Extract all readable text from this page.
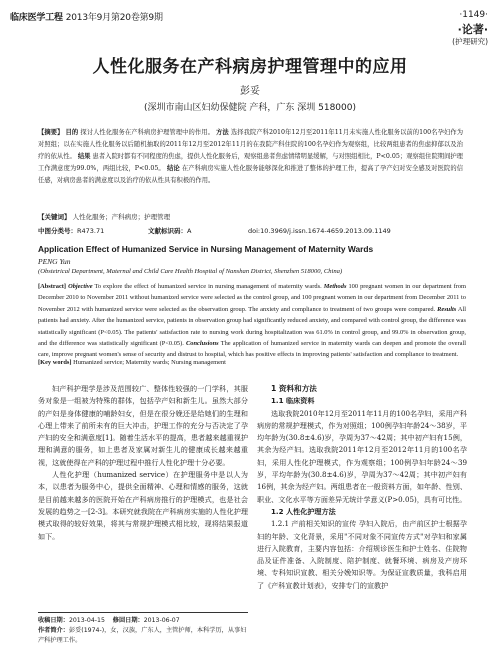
临床医学工程 2013年9月第20卷第9期	·1149·
·论著·
(护理研究)
人性化服务在产科病房护理管理中的应用
彭妥
(深圳市南山区妇幼保健院 产科，广东 深圳 518000)
【摘要】 目的 探讨人性化服务在产科病房护理管理中的作用。 方法 选择我院产科2010年12月至2011年11月未实施人性化服务以前的100名孕妇作为对照组；以在实施人性化服务以后随机抽取的2011年12月至2012年11月的在我院产科住院的100名孕妇作为观察组，比较两组患者的焦虑抑郁以及治疗的依从性。 结果 患者入院时都有不同程度的焦虑，提供人性化服务后，观察组患者焦虑情绪明显缓解，与对照组相比，P<0.05；观察组住院期间护理工作满意度为99.0%，两组比较，P<0.05。 结论 在产科病房实施人性化服务能够深化和推进了整体的护理工作，提高了孕产妇对安全感及对医院的信任感，对病房患者的满意度以及治疗的依从性具有积极的作用。
【关键词】 人性化服务；产科病房；护理管理
中图分类号：R473.71	文献标识码：A	doi:10.3969/j.issn.1674-4659.2013.09.1149
Application Effect of Humanized Service in Nursing Management of Maternity Wards
PENG Yun
(Obstetrical Department, Maternal and Child Care Health Hospital of Nanshan District, Shenzhen 518000, China)
[Abstract] Objective To explore the effect of humanized service in nursing management of maternity wards. Methods 100 pregnant women in our department from December 2010 to November 2011 without humanized service were selected as the control group, and 100 pregnant women in our department from December 2011 to November 2012 with humanized service were selected as the observation group. The anxiety and compliance to treatment of two groups were compared. Results All patients had anxiety. After the humanized service, patients in observation group had significantly reduced anxiety, and compared with control group, the difference was statistically significant (P<0.05). The patients' satisfaction rate to nursing work during hospitalization was 61.0% in control group, and 99.0% in observation group, and the difference was statistically significant (P<0.05). Conclusions The application of humanized service in maternity wards can deepen and promote the overall care, improve pregnant women's sense of security and distrust to hospital, which has positive effects in improving patients' satisfaction and compliance to treatment.
[Key words] Humanized service; Maternity wards; Nursing management

妇产科护理学是涉及范围较广、整体性较强的一门学科，其服务对象是一组被为特殊的群体，包括孕产妇和新生儿。虽然大部分的产妇是身体健康的哺龄妇女，但是在很分娩还是给她们的生理和心理上带来了前所未有的巨大冲击，护理工作的充分与否决定了孕产妇的安全和满意度[1]。随着生活水平的提高，患者越来越重视护理和满意的服务，如上患者及家属对新生儿的健康成长越来越重视，这就使得在产科的护理过程中推行人性化护理十分必要。

人性化护理（humanized service）在护理服务中是以人为本，以患者为服务中心，提供全面精神、心理和情感的服务，这就是目前越来越多的医院开始在产科病房推行的护理模式，也是社会发展的趋势之一[2-3]。本研究就我院在产科病房实施的人性化护理模式取得的较好效果，将其与常规护理模式相比较，现将结果报道如下。

1 资料和方法
1.1 临床资料

选取我院2010年12月至2011年11月的100名孕妇，采用产科病房的常规护理模式，作为对照组；100例孕妇年龄24～38岁，平均年龄为(30.8±4.6)岁，孕周为37～42周；其中初产妇有15例，其余为经产妇。选取我院2011年12月至2012年11月的100名孕妇，采用人性化护理模式，作为观察组；100例孕妇年龄24～39岁，平均年龄为(30.8±4.6)岁，孕周为37～42周；其中初产妇有16例，其余为经产妇。两组患者在一般资料方面，如年龄、性别、职业、文化水平等方面差异无统计学意义(P>0.05)，具有可比性。

1.2 人性化护理方法

1.2.1 产前相关知识的宣传 孕妇入院后，由产前区护士根据孕妇的年龄、文化背景，采用"不同对象不同宣传方式"对孕妇和家属进行入院教育，主要内容包括：介绍规诊医生和护士姓名、住院物品及证件准备、入院制度、陪护制度、就餐环境、病房及产房环境、专科知识宣教、相关分娩知识等。为保证宣教质量，我科启用了《产科宣教计划表》，安排专门的宣教护

收稿日期：2013-04-15 修回日期：2013-06-07
作者简介：彭妥(1974-)，女，汉族，广东人，主管护师，本科学历，从事妇产科护理工作。
